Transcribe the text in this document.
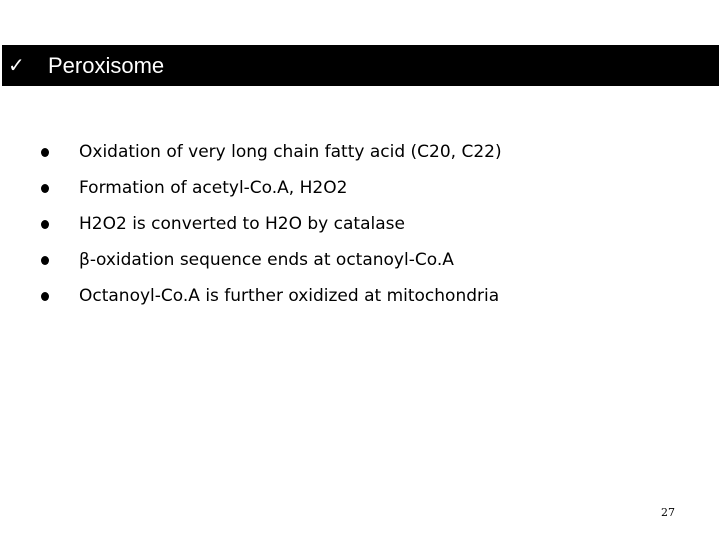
✓ Peroxisome
Oxidation of very long chain fatty acid (C20, C22)
Formation of acetyl-Co.A, H2O2
H2O2 is converted to H2O by catalase
β-oxidation sequence ends at octanoyl-Co.A
Octanoyl-Co.A is further oxidized at mitochondria
27
